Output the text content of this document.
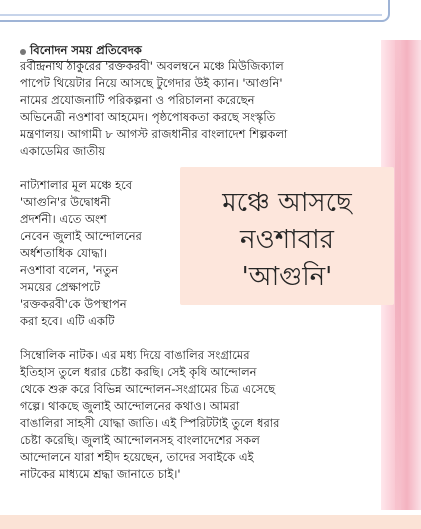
বিনোদন সময় প্রতিবেদক
রবীন্দ্রনাথ ঠাকুরের 'রক্তকরবী' অবলম্বনে মঞ্চে মিউজিক্যাল
পাপেট থিয়েটার নিয়ে আসছে টুগেদার উই ক্যান। 'আগুনি'
নামের প্রযোজনাটি পরিকল্পনা ও পরিচালনা করেছেন
অভিনেত্রী নওশাবা আহমেদ। পৃষ্ঠপোষকতা করছে সংস্কৃতি
মন্ত্রণালয়। আগামী ৮ আগস্ট রাজধানীর বাংলাদেশ শিল্পকলা
একাডেমির জাতীয়
নাট্যশালার মূল মঞ্চে হবে
'আগুনি'র উদ্বোধনী
প্রদর্শনী। এতে অংশ
নেবেন জুলাই আন্দোলনের
অর্ধশতাধিক যোদ্ধা।
নওশাবা বলেন, 'নতুন
সময়ের প্রেক্ষাপটে
'রক্তকরবী'কে উপস্থাপন
করা হবে। এটি একটি
মঞ্চে আসছে
নওশাবার
'আগুনি'
সিম্বোলিক নাটক। এর মধ্য দিয়ে বাঙালির সংগ্রামের
ইতিহাস তুলে ধরার চেষ্টা করছি। সেই কৃষি আন্দোলন
থেকে শুরু করে বিভিন্ন আন্দোলন-সংগ্রামের চিত্র এসেছে
গল্পে। থাকছে জুলাই আন্দোলনের কথাও। আমরা
বাঙালিরা সাহসী যোদ্ধা জাতি। এই স্পিরিটটাই তুলে ধরার
চেষ্টা করেছি। জুলাই আন্দোলনসহ বাংলাদেশের সকল
আন্দোলনে যারা শহীদ হয়েছেন, তাদের সবাইকে এই
নাটকের মাধ্যমে শ্রদ্ধা জানাতে চাই।'
